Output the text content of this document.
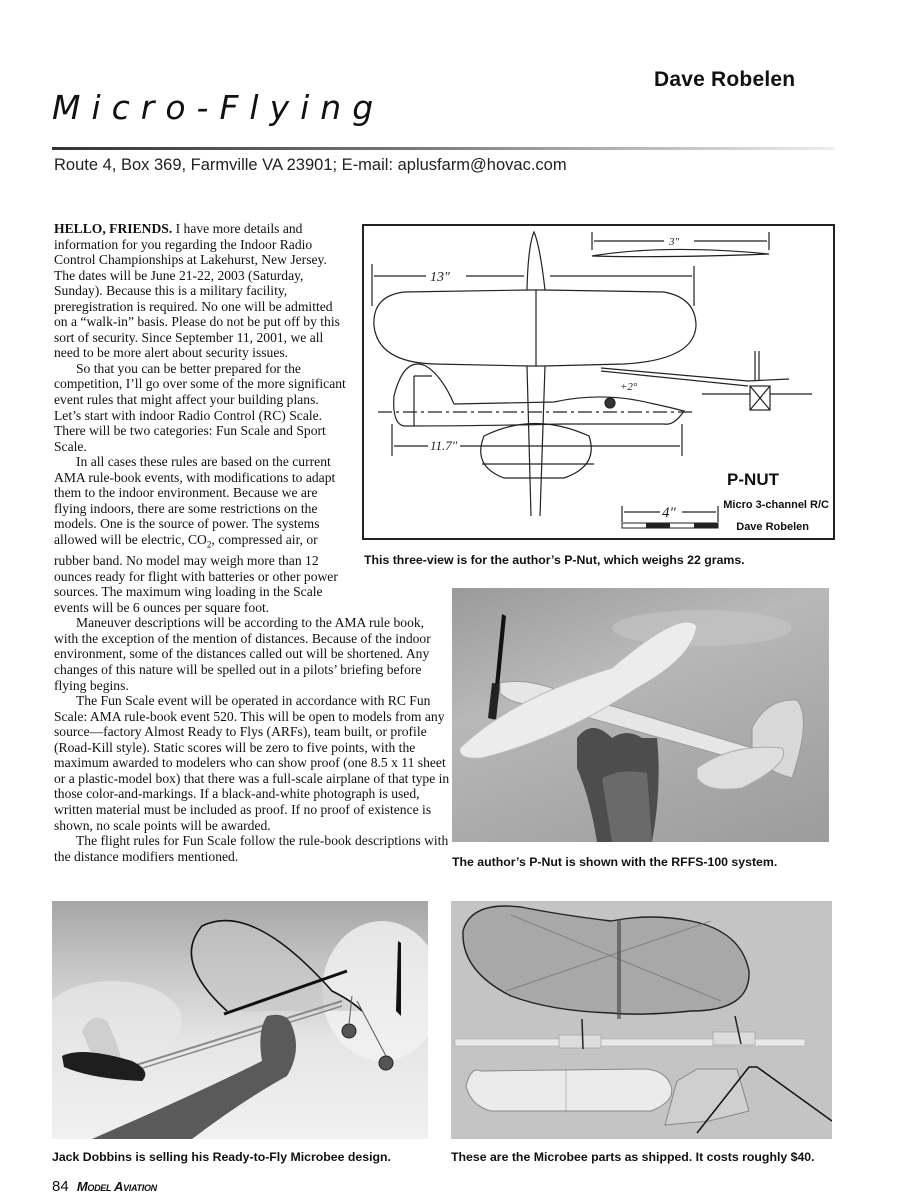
Dave Robelen
Micro-Flying
Route 4, Box 369, Farmville VA 23901; E-mail: aplusfarm@hovac.com

HELLO, FRIENDS. I have more details and information for you regarding the Indoor Radio Control Championships at Lakehurst, New Jersey. The dates will be June 21-22, 2003 (Saturday, Sunday). Because this is a military facility, preregistration is required. No one will be admitted on a “walk-in” basis. Please do not be put off by this sort of security. Since September 11, 2001, we all need to be more alert about security issues.

So that you can be better prepared for the competition, I’ll go over some of the more significant event rules that might affect your building plans. Let’s start with indoor Radio Control (RC) Scale. There will be two categories: Fun Scale and Sport Scale.

In all cases these rules are based on the current AMA rule-book events, with modifications to adapt them to the indoor environment. Because we are flying indoors, there are some restrictions on the models. One is the source of power. The systems allowed will be electric, $CO_2$, compressed air, or rubber band. No model may weigh more than 12 ounces ready for flight with batteries or other power sources. The maximum wing loading in the Scale events will be 6 ounces per square foot.

Maneuver descriptions will be according to the AMA rule book, with the exception of the mention of distances. Because of the indoor environment, some of the distances called out will be shortened. Any changes of this nature will be spelled out in a pilots’ briefing before flying begins.

The Fun Scale event will be operated in accordance with RC Fun Scale: AMA rule-book event 520. This will be open to models from any source—factory Almost Ready to Flys (ARFs), team built, or profile (Road-Kill style). Static scores will be zero to five points, with the maximum awarded to modelers who can show proof (one 8.5 x 11 sheet or a plastic-model box) that there was a full-scale airplane of that type in those color-and-markings. If a black-and-white photograph is used, written material must be included as proof. If no proof of existence is shown, no scale points will be awarded.

The flight rules for Fun Scale follow the rule-book descriptions with the distance modifiers mentioned.

13"
3"
11.7"
+2°
4"
P-NUT
Micro 3-channel R/C
Dave Robelen
This three-view is for the author’s P-Nut, which weighs 22 grams.
The author’s P-Nut is shown with the RFFS-100 system.
Jack Dobbins is selling his Ready-to-Fly Microbee design.	These are the Microbee parts as shipped. It costs roughly $40.
84 Model Aviation
